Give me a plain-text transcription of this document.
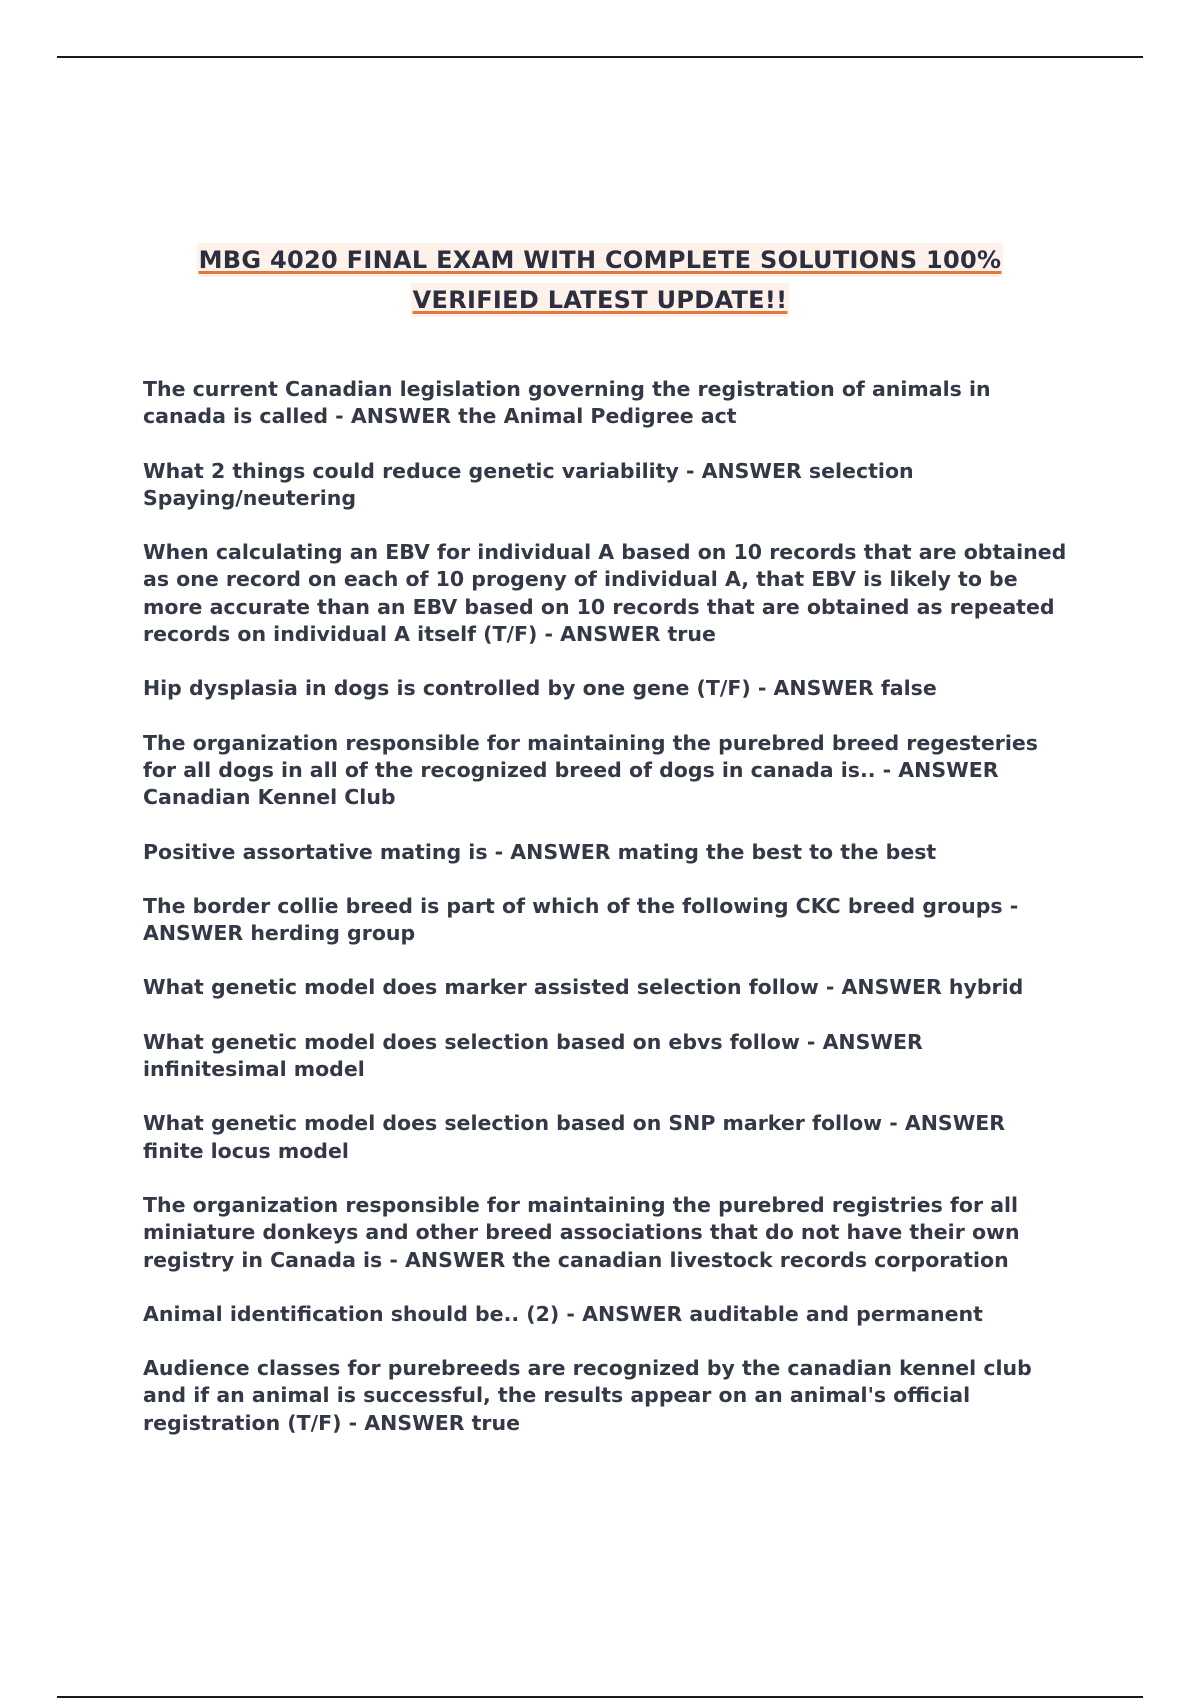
MBG 4020 FINAL EXAM WITH COMPLETE SOLUTIONS 100%
VERIFIED LATEST UPDATE!!

The current Canadian legislation governing the registration of animals in canada is called - ANSWER the Animal Pedigree act

What 2 things could reduce genetic variability - ANSWER selection Spaying/neutering

When calculating an EBV for individual A based on 10 records that are obtained as one record on each of 10 progeny of individual A, that EBV is likely to be more accurate than an EBV based on 10 records that are obtained as repeated records on individual A itself (T/F) - ANSWER true

Hip dysplasia in dogs is controlled by one gene (T/F) - ANSWER false

The organization responsible for maintaining the purebred breed regesteries for all dogs in all of the recognized breed of dogs in canada is.. - ANSWER Canadian Kennel Club

Positive assortative mating is - ANSWER mating the best to the best

The border collie breed is part of which of the following CKC breed groups - ANSWER herding group

What genetic model does marker assisted selection follow - ANSWER hybrid

What genetic model does selection based on ebvs follow - ANSWER infinitesimal model

What genetic model does selection based on SNP marker follow - ANSWER finite locus model

The organization responsible for maintaining the purebred registries for all miniature donkeys and other breed associations that do not have their own registry in Canada is - ANSWER the canadian livestock records corporation

Animal identification should be.. (2) - ANSWER auditable and permanent

Audience classes for purebreeds are recognized by the canadian kennel club and if an animal is successful, the results appear on an animal's official registration (T/F) - ANSWER true
